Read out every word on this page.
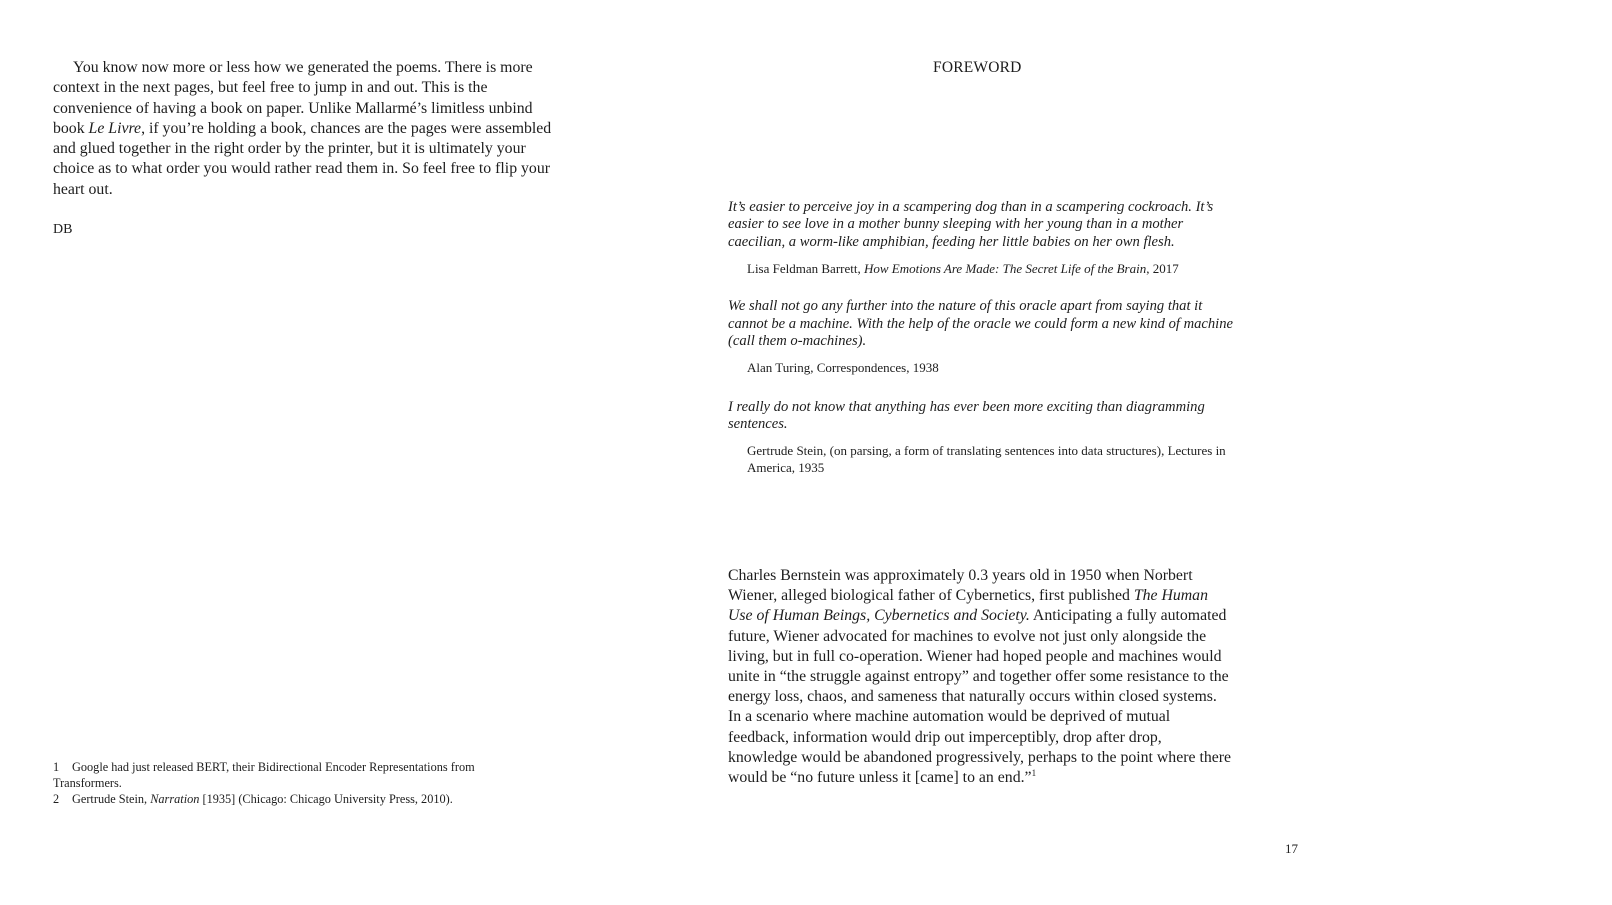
You know now more or less how we generated the poems. There is more context in the next pages, but feel free to jump in and out. This is the convenience of having a book on paper. Unlike Mallarmé’s limitless unbind book Le Livre, if you’re holding a book, chances are the pages were assembled and glued together in the right order by the printer, but it is ultimately your choice as to what order you would rather read them in. So feel free to flip your heart out.

DB

1 Google had just released BERT, their Bidirectional Encoder Representations from Transformers.

2 Gertrude Stein, Narration [1935] (Chicago: Chicago University Press, 2010).

FOREWORD

It’s easier to perceive joy in a scampering dog than in a scampering cockroach. It’s easier to see love in a mother bunny sleeping with her young than in a mother caecilian, a worm-like amphibian, feeding her little babies on her own flesh.

Lisa Feldman Barrett, How Emotions Are Made: The Secret Life of the Brain, 2017

We shall not go any further into the nature of this oracle apart from saying that it cannot be a machine. With the help of the oracle we could form a new kind of machine (call them o-machines).

Alan Turing, Correspondences, 1938

I really do not know that anything has ever been more exciting than diagramming sentences.

Gertrude Stein, (on parsing, a form of translating sentences into data structures), Lectures in America, 1935

Charles Bernstein was approximately 0.3 years old in 1950 when Norbert Wiener, alleged biological father of Cybernetics, first published The Human Use of Human Beings, Cybernetics and Society. Anticipating a fully automated future, Wiener advocated for machines to evolve not just only alongside the living, but in full co-operation. Wiener had hoped people and machines would unite in “the struggle against entropy” and together offer some resistance to the energy loss, chaos, and sameness that naturally occurs within closed systems. In a scenario where machine automation would be deprived of mutual feedback, information would drip out imperceptibly, drop after drop, knowledge would be abandoned progressively, perhaps to the point where there would be “no future unless it [came] to an end.”$^1$

17
